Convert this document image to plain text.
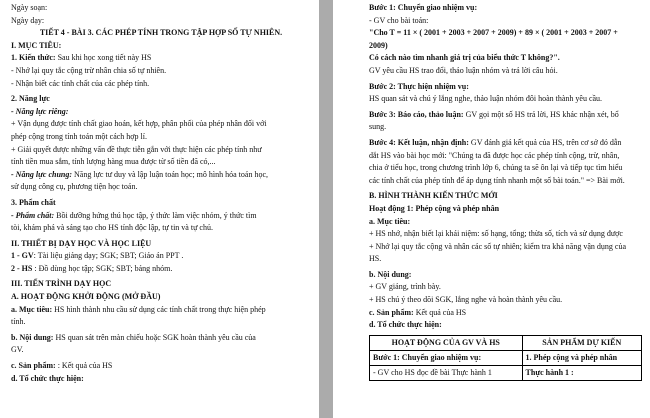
Ngày soạn:
Ngày dạy:
TIẾT 4 - BÀI 3. CÁC PHÉP TÍNH TRONG TẬP HỢP SỐ TỰ NHIÊN.
I. MỤC TIÊU:
1. Kiến thức: Sau khi học xong tiết này HS
- Nhớ lại quy tắc cộng trừ nhân chia số tự nhiên.
- Nhận biết các tính chất của các phép tính.
2. Năng lực
- Năng lực riêng:
+ Vận dụng được tính chất giao hoán, kết hợp, phân phối của phép nhân đối với
phép cộng trong tính toán một cách hợp lí.
+ Giải quyết được những vấn đề thực tiễn gắn với thực hiện các phép tính như
tính tiền mua sắm, tính lượng hàng mua được từ số tiền đã có,...
- Năng lực chung: Năng lực tư duy và lập luận toán học; mô hình hóa toán học,
sử dụng công cụ, phương tiện học toán.
3. Phẩm chất
- Phẩm chất: Bồi dưỡng hứng thú học tập, ý thức làm việc nhóm, ý thức tìm
tòi, khám phá và sáng tạo cho HS tính độc lập, tự tin và tự chủ.
II. THIẾT BỊ DẠY HỌC VÀ HỌC LIỆU
1 - GV: Tài liệu giảng dạy; SGK; SBT; Giáo án PPT .
2 - HS : Đồ dùng học tập; SGK; SBT; bảng nhóm.
III. TIẾN TRÌNH DẠY HỌC
A. HOẠT ĐỘNG KHỞI ĐỘNG (MỞ ĐẦU)
a. Mục tiêu: HS hình thành nhu cầu sử dụng các tính chất trong thực hiện phép
tính.
b. Nội dung: HS quan sát trên màn chiếu hoặc SGK hoàn thành yêu cầu của
GV.
c. Sản phẩm: : Kết quả của HS
d. Tổ chức thực hiện:
Bước 1: Chuyển giao nhiệm vụ:
- GV cho bài toán:
"Cho T = 11 × ( 2001 + 2003 + 2007 + 2009) + 89 × ( 2001 + 2003 + 2007 +
2009)
Có cách nào tìm nhanh giá trị của biểu thức T không?".
GV yêu cầu HS trao đổi, thảo luận nhóm và trả lời câu hỏi.
Bước 2: Thực hiện nhiệm vụ:
HS quan sát và chú ý lắng nghe, thảo luận nhóm đôi hoàn thành yêu cầu.
Bước 3: Báo cáo, thảo luận: GV gọi một số HS trả lời, HS khác nhận xét, bổ
sung.
Bước 4: Kết luận, nhận định: GV đánh giá kết quả của HS, trên cơ sở đó dẫn
dắt HS vào bài học mới: "Chúng ta đã được học các phép tính cộng, trừ, nhân,
chia ở tiểu học, trong chương trình lớp 6, chúng ta sẽ ôn lại và tiếp tục tìm hiểu
các tính chất của phép tính để áp dụng tính nhanh một số bài toán." => Bài mới.
B. HÌNH THÀNH KIẾN THỨC MỚI
Hoạt động 1: Phép cộng và phép nhân
a. Mục tiêu:
+ HS nhớ, nhận biết lại khái niệm: số hạng, tổng; thừa số, tích và sử dụng được
+ Nhớ lại quy tắc cộng và nhân các số tự nhiên; kiểm tra khả năng vận dụng của
HS.
b. Nội dung:
+ GV giảng, trình bày.
+ HS chú ý theo dõi SGK, lắng nghe và hoàn thành yêu cầu.
c. Sản phẩm: Kết quả của HS
d. Tổ chức thực hiện:
HOẠT ĐỘNG CỦA GV VÀ HS	SẢN PHẨM DỰ KIẾN
Bước 1: Chuyển giao nhiệm vụ:	1. Phép cộng và phép nhân
- GV cho HS đọc đề bài Thực hành 1	Thực hành 1 :
